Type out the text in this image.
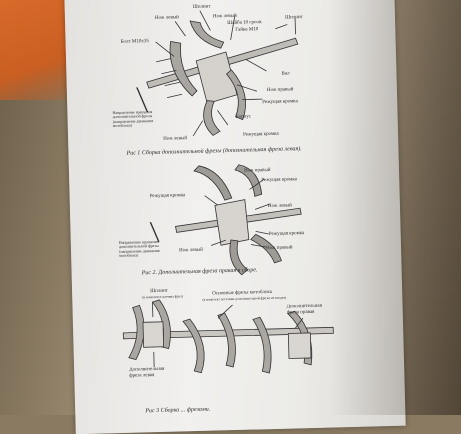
Шплинт
Нож левый	Нож левый
Шайба 10 гроов.
Шплинт
Болт М10х35
Гайка М10
Вал
Нож правый
Режущая кромка
Корпус
Направление вращения дополнительной фрезы (направление движения мотоблока)
Нож левый
Режущая кромка
Рис 1 Сборка дополнительной фрезы (дополнительная фреза левая).
Нож правый
Режущая кромка
Режущая кромка
Нож левый
Направление вращения дополнительной фрезы (направление движения мотоблока)
Режущая кромка
Нож левый	Нож правый
Рис 2. Дополнительная фреза правая в сборе.
Шплинт
(в комплекте датчика фрез)
Основные фрезы мотоблока
(в комплект поставки дополнительной фрезы не входят)
Дополнительная фреза правая
Дополнительная фреза левая
Рис 3 Сборка ... фрезами.
